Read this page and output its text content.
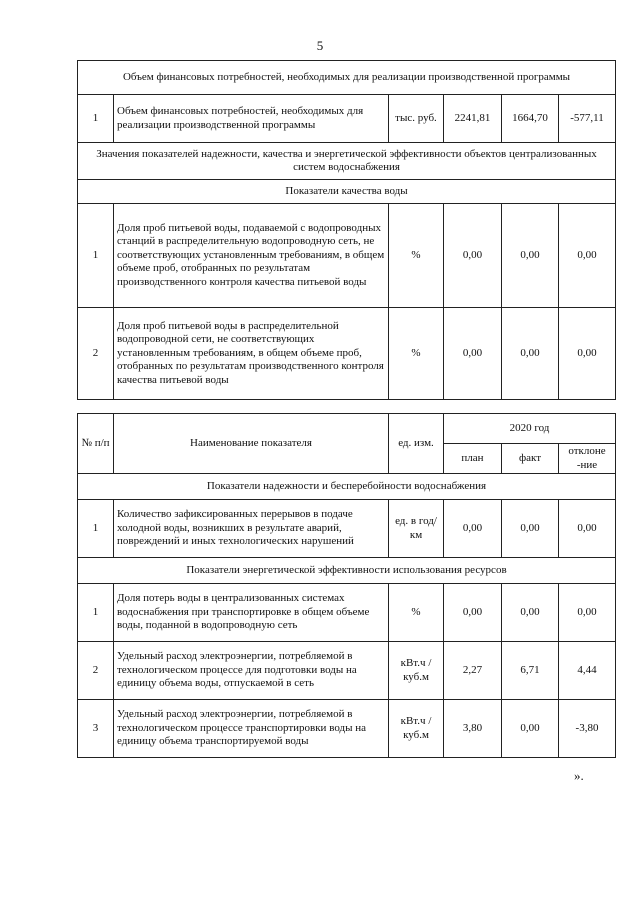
5
Объем финансовых потребностей, необходимых для реализации производственной программы					
1	Объем финансовых потребностей, необходимых для реализации производственной программы	тыс. руб.	2241,81	1664,70	-577,11
Значения показателей надежности, качества и энергетической эффективности объектов централизованных систем водоснабжения					
Показатели качества воды					
1	Доля проб питьевой воды, подаваемой с водопроводных станций в распределительную водопроводную сеть, не соответствующих установленным требованиям, в общем объеме проб, отобранных по результатам производственного контроля качества питьевой воды	%	0,00	0,00	0,00
2	Доля проб питьевой воды в распределительной водопроводной сети, не соответствующих установленным требованиям, в общем объеме проб, отобранных по результатам производственного контроля качества питьевой воды	%	0,00	0,00	0,00
№ п/п	Наименование показателя	ед. изм.	2020 год		
			план	факт	отклоне -ние
Показатели надежности и бесперебойности водоснабжения					
1	Количество зафиксированных перерывов в подаче холодной воды, возникших в результате аварий, повреждений и иных технологических нарушений	ед. в год/ км	0,00	0,00	0,00
Показатели энергетической эффективности использования ресурсов					
1	Доля потерь воды в централизованных системах водоснабжения при транспортировке в общем объеме воды, поданной в водопроводную сеть	%	0,00	0,00	0,00
2	Удельный расход электроэнергии, потребляемой в технологическом процессе для подготовки воды на единицу объема воды, отпускаемой в сеть	кВт.ч / куб.м	2,27	6,71	4,44
3	Удельный расход электроэнергии, потребляемой в технологическом процессе транспортировки воды на единицу объема транспортируемой воды	кВт.ч / куб.м	3,80	0,00	-3,80
».
